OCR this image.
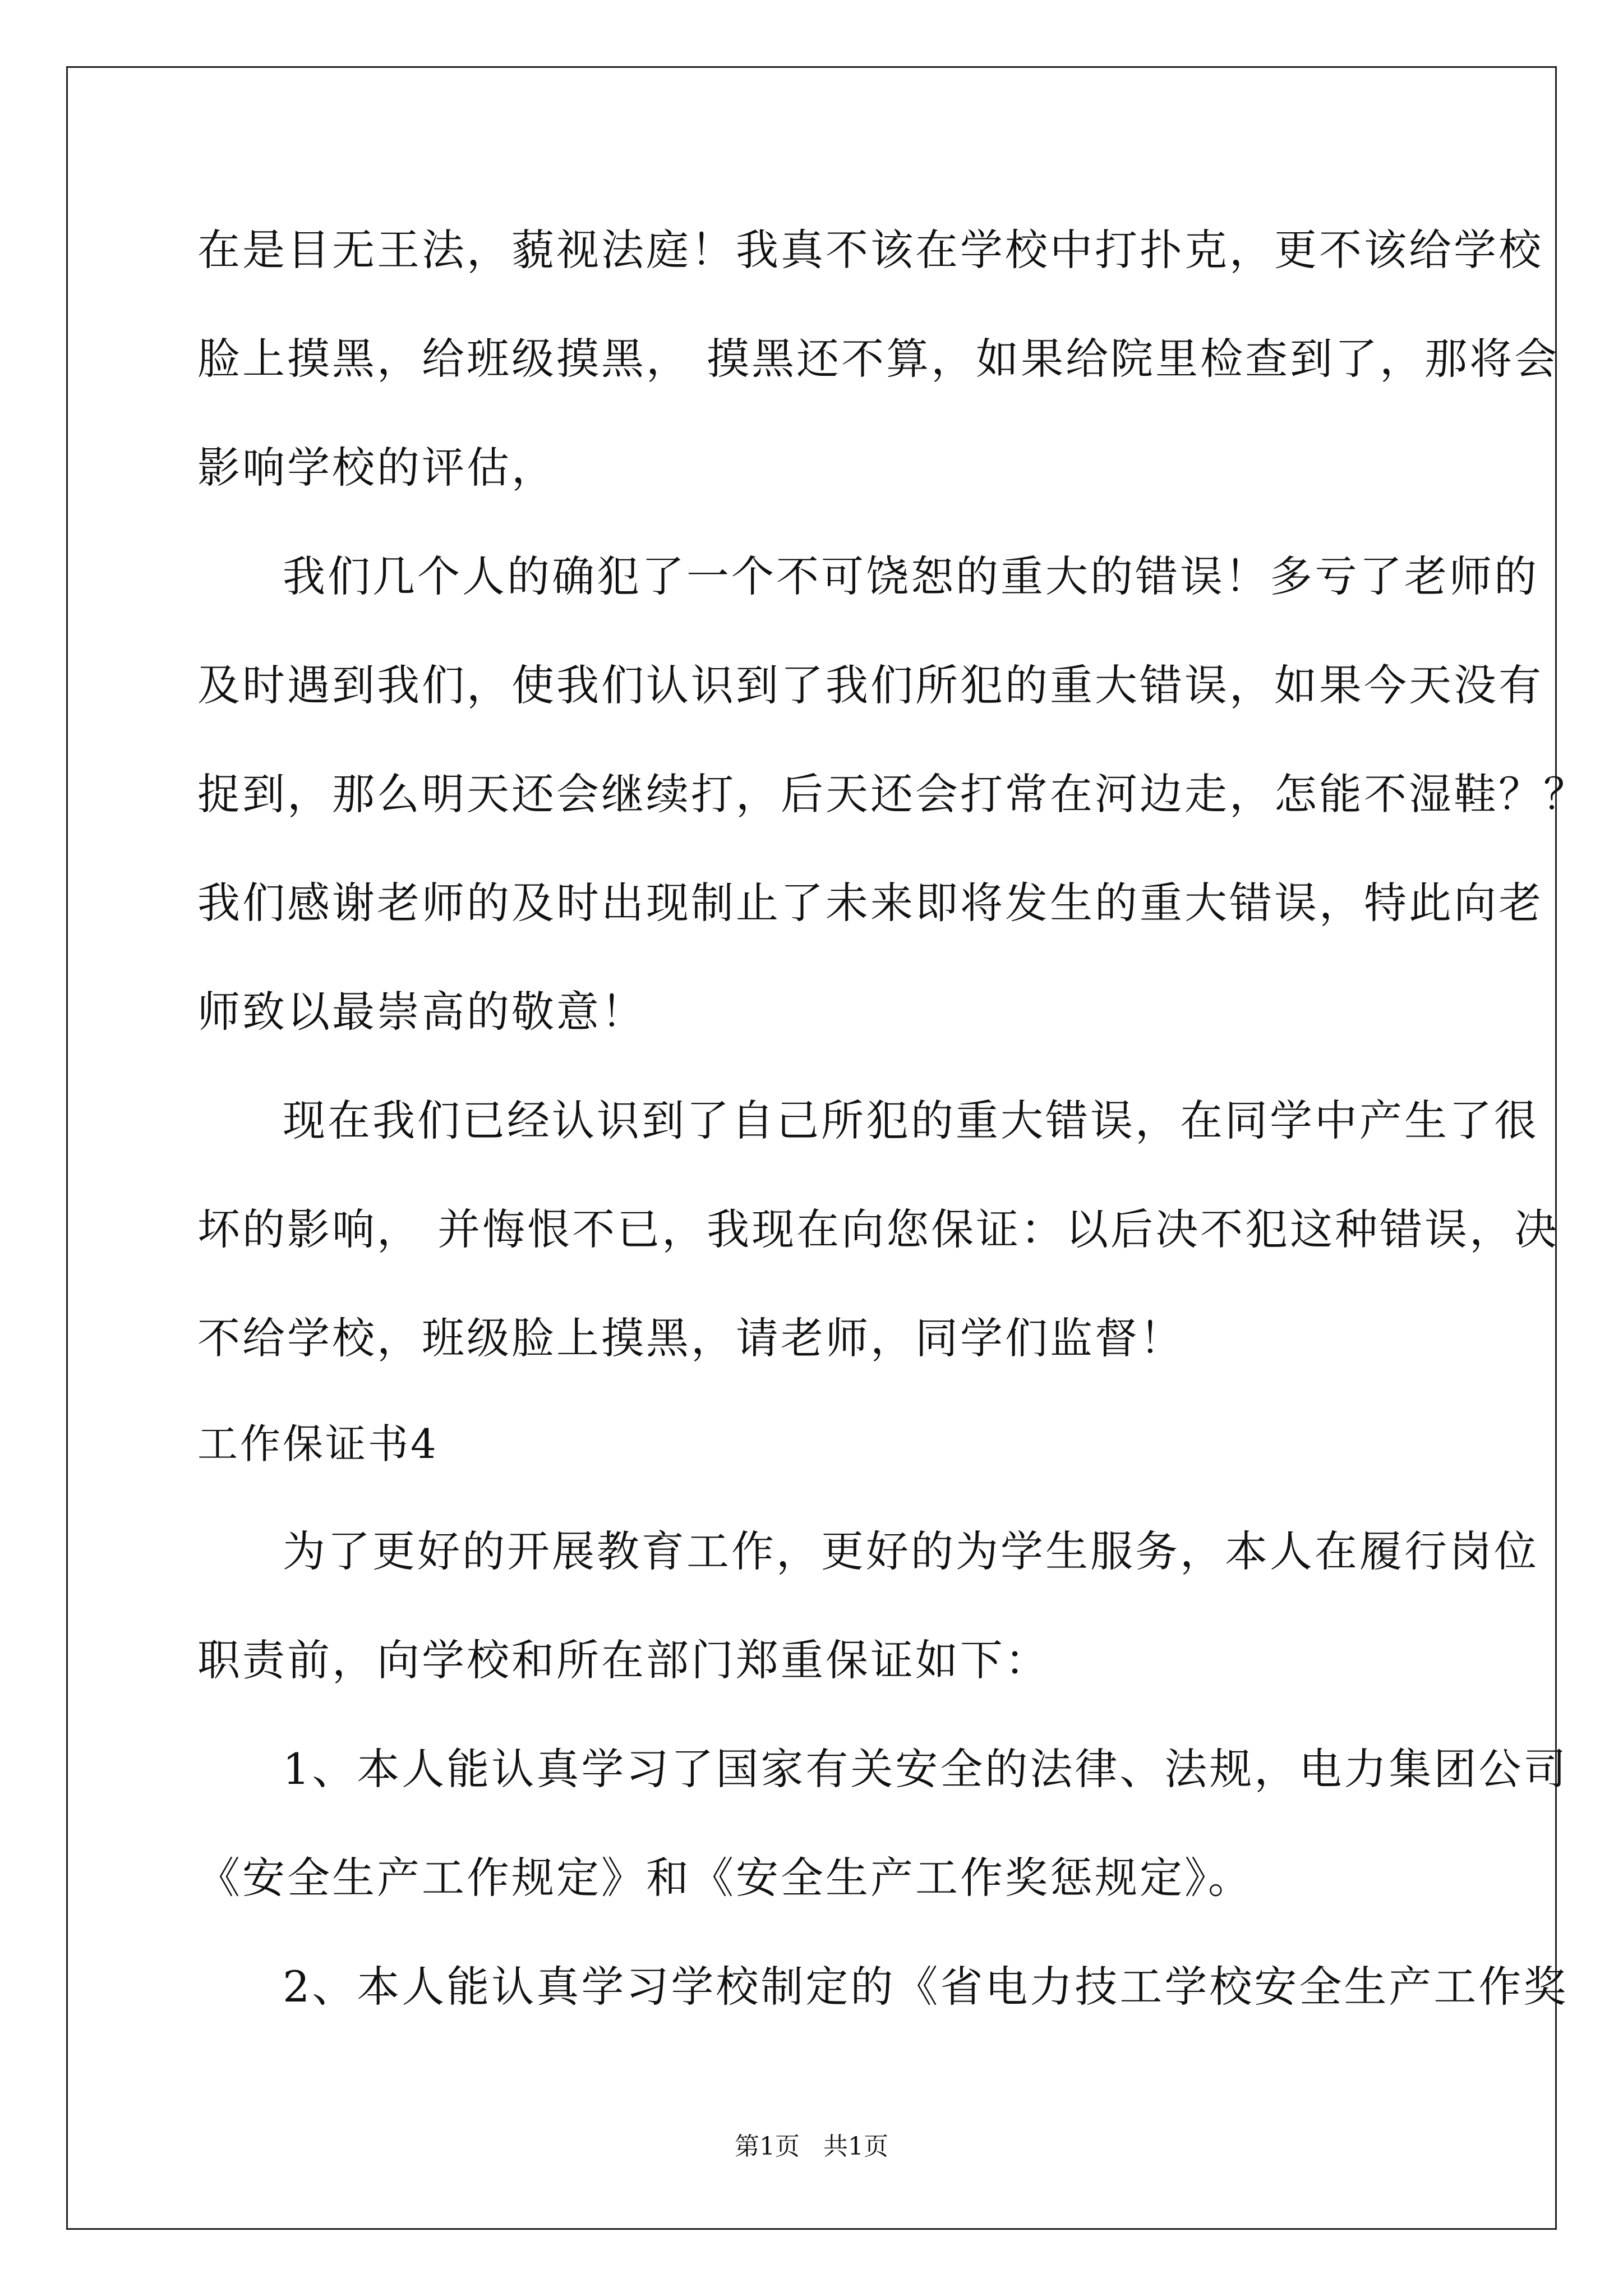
在是目无王法，藐视法庭！我真不该在学校中打扑克，更不该给学校
脸上摸黑，给班级摸黑， 摸黑还不算，如果给院里检查到了，那将会
影响学校的评估，
我们几个人的确犯了一个不可饶恕的重大的错误！多亏了老师的
及时遇到我们，使我们认识到了我们所犯的重大错误，如果今天没有
捉到，那么明天还会继续打，后天还会打常在河边走，怎能不湿鞋？？
我们感谢老师的及时出现制止了未来即将发生的重大错误，特此向老
师致以最崇高的敬意！
现在我们已经认识到了自己所犯的重大错误，在同学中产生了很
坏的影响， 并悔恨不已，我现在向您保证：以后决不犯这种错误，决
不给学校，班级脸上摸黑，请老师，同学们监督！
工作保证书4
为了更好的开展教育工作，更好的为学生服务，本人在履行岗位
职责前，向学校和所在部门郑重保证如下：
1、本人能认真学习了国家有关安全的法律、法规，电力集团公司
《安全生产工作规定》和《安全生产工作奖惩规定》。
2、本人能认真学习学校制定的《省电力技工学校安全生产工作奖
第1页   共1页
